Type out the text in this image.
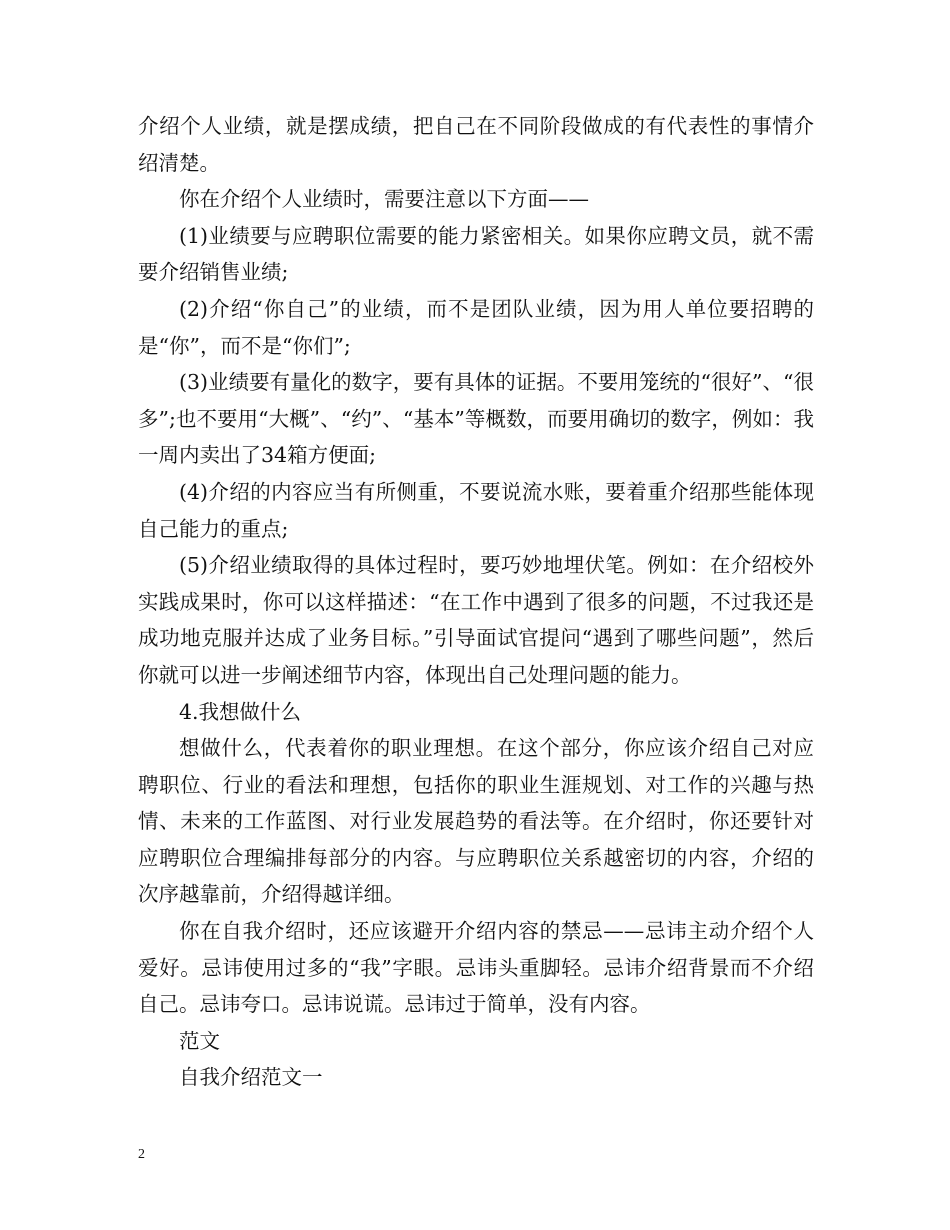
介绍个人业绩，就是摆成绩，把自己在不同阶段做成的有代表性的事情介绍清楚。

你在介绍个人业绩时，需要注意以下方面——

(1)业绩要与应聘职位需要的能力紧密相关。如果你应聘文员，就不需要介绍销售业绩;

(2)介绍“你自己”的业绩，而不是团队业绩，因为用人单位要招聘的是“你”，而不是“你们”;

(3)业绩要有量化的数字，要有具体的证据。不要用笼统的“很好”、“很多”;也不要用“大概”、“约”、“基本”等概数，而要用确切的数字，例如：我一周内卖出了34箱方便面;

(4)介绍的内容应当有所侧重，不要说流水账，要着重介绍那些能体现自己能力的重点;

(5)介绍业绩取得的具体过程时，要巧妙地埋伏笔。例如：在介绍校外实践成果时，你可以这样描述：“在工作中遇到了很多的问题，不过我还是成功地克服并达成了业务目标。”引导面试官提问“遇到了哪些问题”，然后你就可以进一步阐述细节内容，体现出自己处理问题的能力。

4.我想做什么

想做什么，代表着你的职业理想。在这个部分，你应该介绍自己对应聘职位、行业的看法和理想，包括你的职业生涯规划、对工作的兴趣与热情、未来的工作蓝图、对行业发展趋势的看法等。在介绍时，你还要针对应聘职位合理编排每部分的内容。与应聘职位关系越密切的内容，介绍的次序越靠前，介绍得越详细。

你在自我介绍时，还应该避开介绍内容的禁忌——忌讳主动介绍个人爱好。忌讳使用过多的“我”字眼。忌讳头重脚轻。忌讳介绍背景而不介绍自己。忌讳夸口。忌讳说谎。忌讳过于简单，没有内容。

范文

自我介绍范文一

2
